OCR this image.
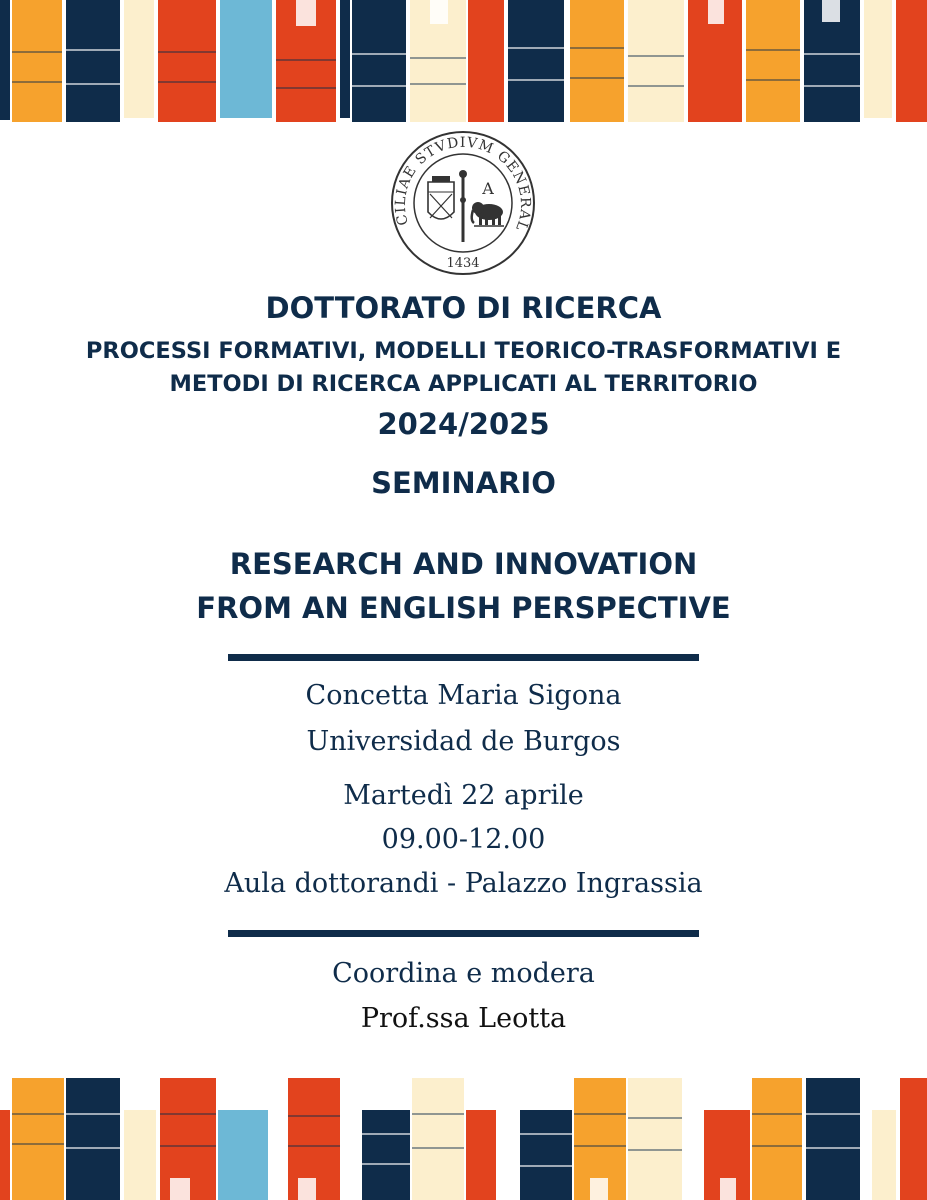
CILIAE STVDIVM GENERAL
1434
A
DOTTORATO DI RICERCA
PROCESSI FORMATIVI, MODELLI TEORICO-TRASFORMATIVI E
METODI DI RICERCA APPLICATI AL TERRITORIO
2024/2025
SEMINARIO
RESEARCH AND INNOVATION
FROM AN ENGLISH PERSPECTIVE
Concetta Maria Sigona
Universidad de Burgos
Martedì 22 aprile
09.00-12.00
Aula dottorandi - Palazzo Ingrassia
Coordina e modera
Prof.ssa Leotta
